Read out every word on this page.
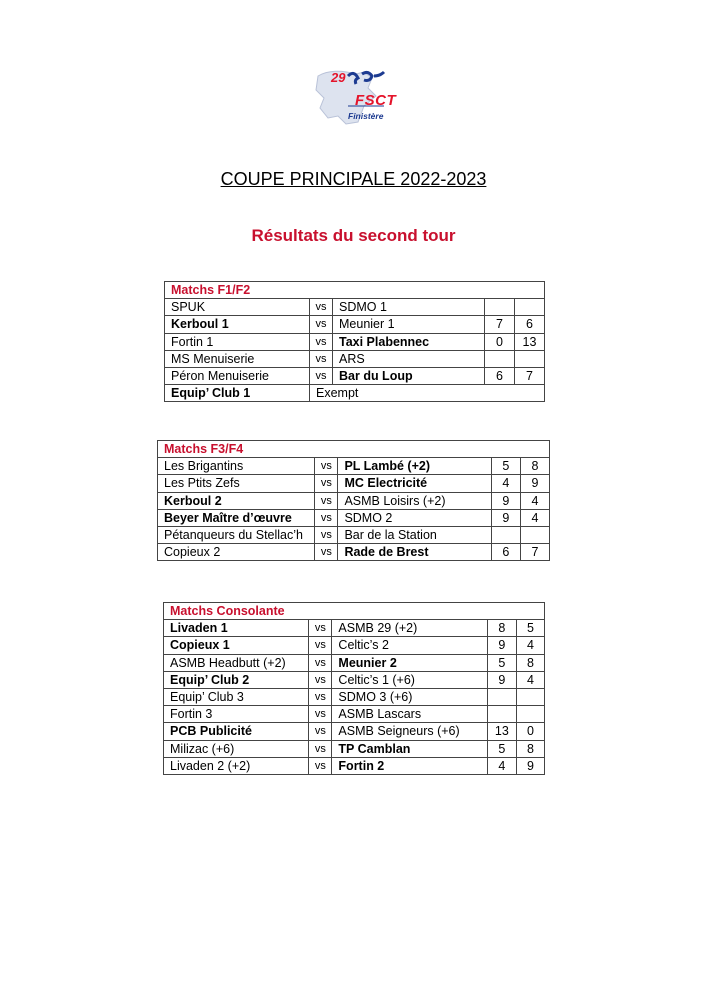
29
FSCT
Finistère
COUPE PRINCIPALE 2022-2023
Résultats du second tour
Matchs F1/F2				
SPUK	vs	SDMO 1		
Kerboul 1	vs	Meunier 1	7	6
Fortin 1	vs	Taxi Plabennec	0	13
MS Menuiserie	vs	ARS		
Péron Menuiserie	vs	Bar du Loup	6	7
Equip’ Club 1	Exempt			
Matchs F3/F4				
Les Brigantins	vs	PL Lambé (+2)	5	8
Les Ptits Zefs	vs	MC Electricité	4	9
Kerboul 2	vs	ASMB Loisirs (+2)	9	4
Beyer Maître d’œuvre	vs	SDMO 2	9	4
Pétanqueurs du Stellac’h	vs	Bar de la Station		
Copieux 2	vs	Rade de Brest	6	7
Matchs Consolante				
Livaden 1	vs	ASMB 29 (+2)	8	5
Copieux 1	vs	Celtic’s 2	9	4
ASMB Headbutt (+2)	vs	Meunier 2	5	8
Equip’ Club 2	vs	Celtic’s 1 (+6)	9	4
Equip’ Club 3	vs	SDMO 3 (+6)		
Fortin 3	vs	ASMB Lascars		
PCB Publicité	vs	ASMB Seigneurs (+6)	13	0
Milizac (+6)	vs	TP Camblan	5	8
Livaden 2 (+2)	vs	Fortin 2	4	9
